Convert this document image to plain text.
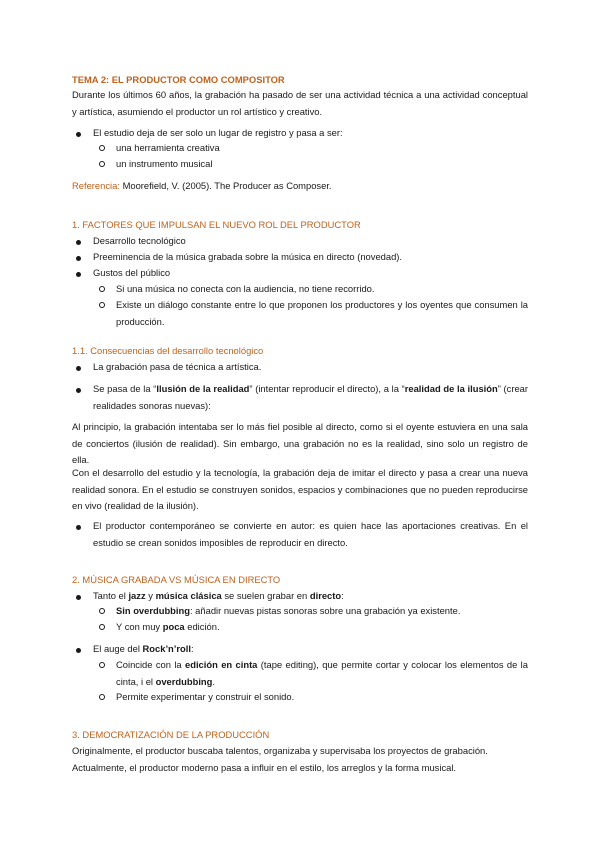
TEMA 2: EL PRODUCTOR COMO COMPOSITOR
Durante los últimos 60 años, la grabación ha pasado de ser una actividad técnica a una actividad conceptual y artística, asumiendo el productor un rol artístico y creativo.
El estudio deja de ser solo un lugar de registro y pasa a ser:
una herramienta creativa
un instrumento musical
Referencia: Moorefield, V. (2005). The Producer as Composer.
1. FACTORES QUE IMPULSAN EL NUEVO ROL DEL PRODUCTOR
Desarrollo tecnológico
Preeminencia de la música grabada sobre la música en directo (novedad).
Gustos del público
Si una música no conecta con la audiencia, no tiene recorrido.
Existe un diálogo constante entre lo que proponen los productores y los oyentes que consumen la producción.
1.1. Consecuencias del desarrollo tecnológico
La grabación pasa de técnica a artística.
Se pasa de la “Ilusión de la realidad” (intentar reproducir el directo), a la “realidad de la ilusión” (crear realidades sonoras nuevas):
Al principio, la grabación intentaba ser lo más fiel posible al directo, como si el oyente estuviera en una sala de conciertos (ilusión de realidad). Sin embargo, una grabación no es la realidad, sino solo un registro de ella.
Con el desarrollo del estudio y la tecnología, la grabación deja de imitar el directo y pasa a crear una nueva realidad sonora. En el estudio se construyen sonidos, espacios y combinaciones que no pueden reproducirse en vivo (realidad de la ilusión).
El productor contemporáneo se convierte en autor: es quien hace las aportaciones creativas. En el estudio se crean sonidos imposibles de reproducir en directo.
2. MÚSICA GRABADA VS MÚSICA EN DIRECTO
Tanto el jazz y música clásica se suelen grabar en directo:
Sin overdubbing: añadir nuevas pistas sonoras sobre una grabación ya existente.
Y con muy poca edición.
El auge del Rock’n’roll:
Coincide con la edición en cinta (tape editing), que permite cortar y colocar los elementos de la cinta, i el overdubbing.
Permite experimentar y construir el sonido.
3. DEMOCRATIZACIÓN DE LA PRODUCCIÓN
Originalmente, el productor buscaba talentos, organizaba y supervisaba los proyectos de grabación.
Actualmente, el productor moderno pasa a influir en el estilo, los arreglos y la forma musical.
